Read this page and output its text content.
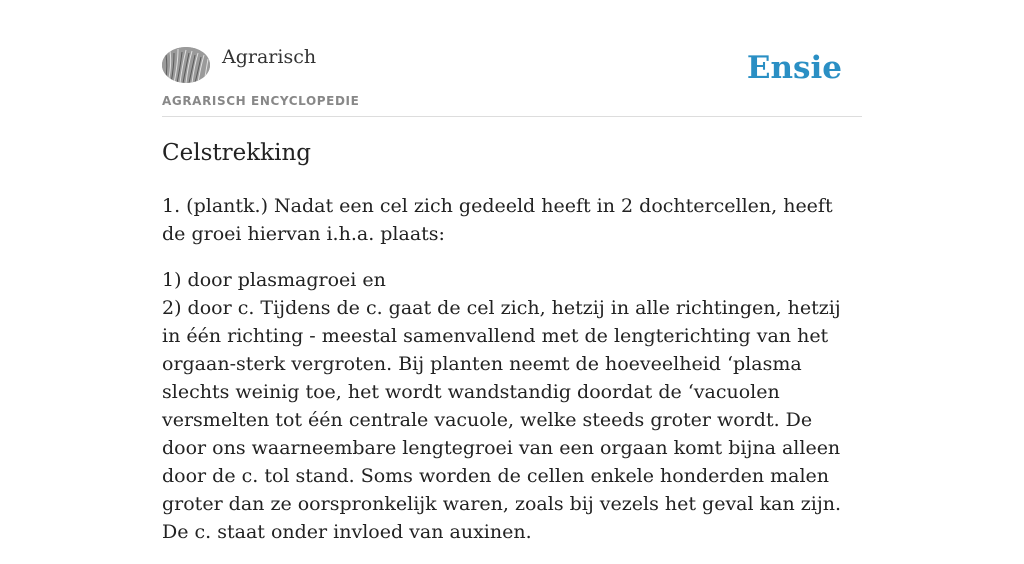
Agrarisch
AGRARISCH ENCYCLOPEDIE
Ensie
Celstrekking

1. (plantk.) Nadat een cel zich gedeeld heeft in 2 dochtercellen, heeft de groei hiervan i.h.a. plaats:

1) door plasmagroei en
2) door c. Tijdens de c. gaat de cel zich, hetzij in alle richtingen, hetzij in één richting - meestal samenvallend met de lengterichting van het orgaan-sterk vergroten. Bij planten neemt de hoeveelheid ‘plasma slechts weinig toe, het wordt wandstandig doordat de ‘vacuolen versmelten tot één centrale vacuole, welke steeds groter wordt. De door ons waarneembare lengtegroei van een orgaan komt bijna alleen door de c. tol stand. Soms worden de cellen enkele honderden malen groter dan ze oorspronkelijk waren, zoals bij vezels het geval kan zijn. De c. staat onder invloed van auxinen.
